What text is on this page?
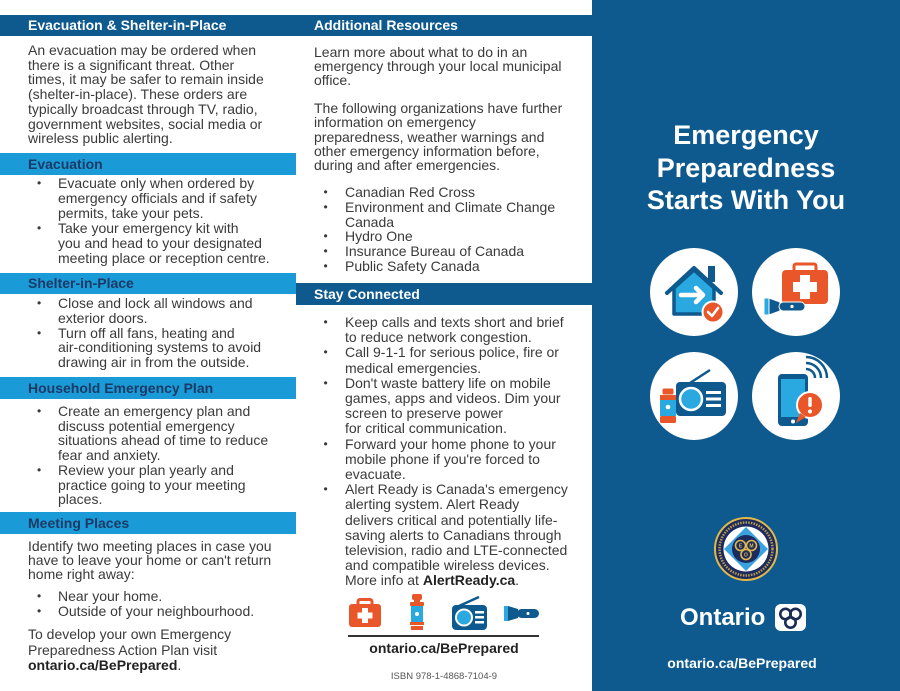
Evacuation & Shelter-in-Place

An evacuation may be ordered when
there is a significant threat. Other
times, it may be safer to remain inside
(shelter-in-place). These orders are
typically broadcast through TV, radio,
government websites, social media or
wireless public alerting.

Evacuation
• Evacuate only when ordered by
emergency officials and if safety
permits, take your pets.
• Take your emergency kit with
you and head to your designated
meeting place or reception centre.
Shelter-in-Place
• Close and lock all windows and
exterior doors.
• Turn off all fans, heating and
air-conditioning systems to avoid
drawing air in from the outside.
Household Emergency Plan
• Create an emergency plan and
discuss potential emergency
situations ahead of time to reduce
fear and anxiety.
• Review your plan yearly and
practice going to your meeting
places.
Meeting Places

Identify two meeting places in case you
have to leave your home or can't return
home right away:

• Near your home.
• Outside of your neighbourhood.

To develop your own Emergency
Preparedness Action Plan visit
ontario.ca/BePrepared.

Additional Resources

Learn more about what to do in an
emergency through your local municipal
office.

The following organizations have further
information on emergency
preparedness, weather warnings and
other emergency information before,
during and after emergencies.

• Canadian Red Cross
• Environment and Climate Change
Canada
• Hydro One
• Insurance Bureau of Canada
• Public Safety Canada
Stay Connected
• Keep calls and texts short and brief
to reduce network congestion.
• Call 9-1-1 for serious police, fire or
medical emergencies.
• Don't waste battery life on mobile
games, apps and videos. Dim your
screen to preserve power
for critical communication.
• Forward your home phone to your
mobile phone if you're forced to
evacuate.
• Alert Ready is Canada's emergency
alerting system. Alert Ready
delivers critical and potentially life-
saving alerts to Canadians through
television, radio and LTE-connected
and compatible wireless devices.
More info at AlertReady.ca.
ontario.ca/BePrepared
ISBN 978-1-4868-7104-9
Emergency
Preparedness
Starts With You
E M
O
Ontario
ontario.ca/BePrepared
